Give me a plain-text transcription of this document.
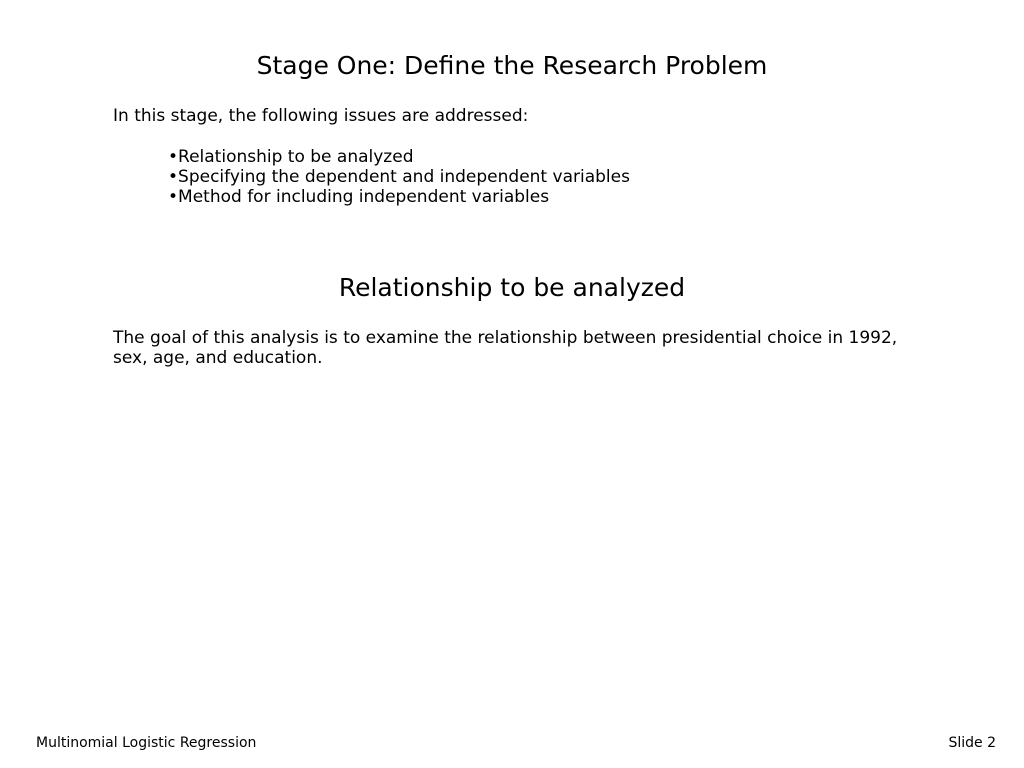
Stage One: Define the Research Problem

In this stage, the following issues are addressed:

•Relationship to be analyzed
•Specifying the dependent and independent variables
•Method for including independent variables
Relationship to be analyzed

The goal of this analysis is to examine the relationship between presidential choice in 1992, sex, age, and education.

Multinomial Logistic Regression	Slide 2
